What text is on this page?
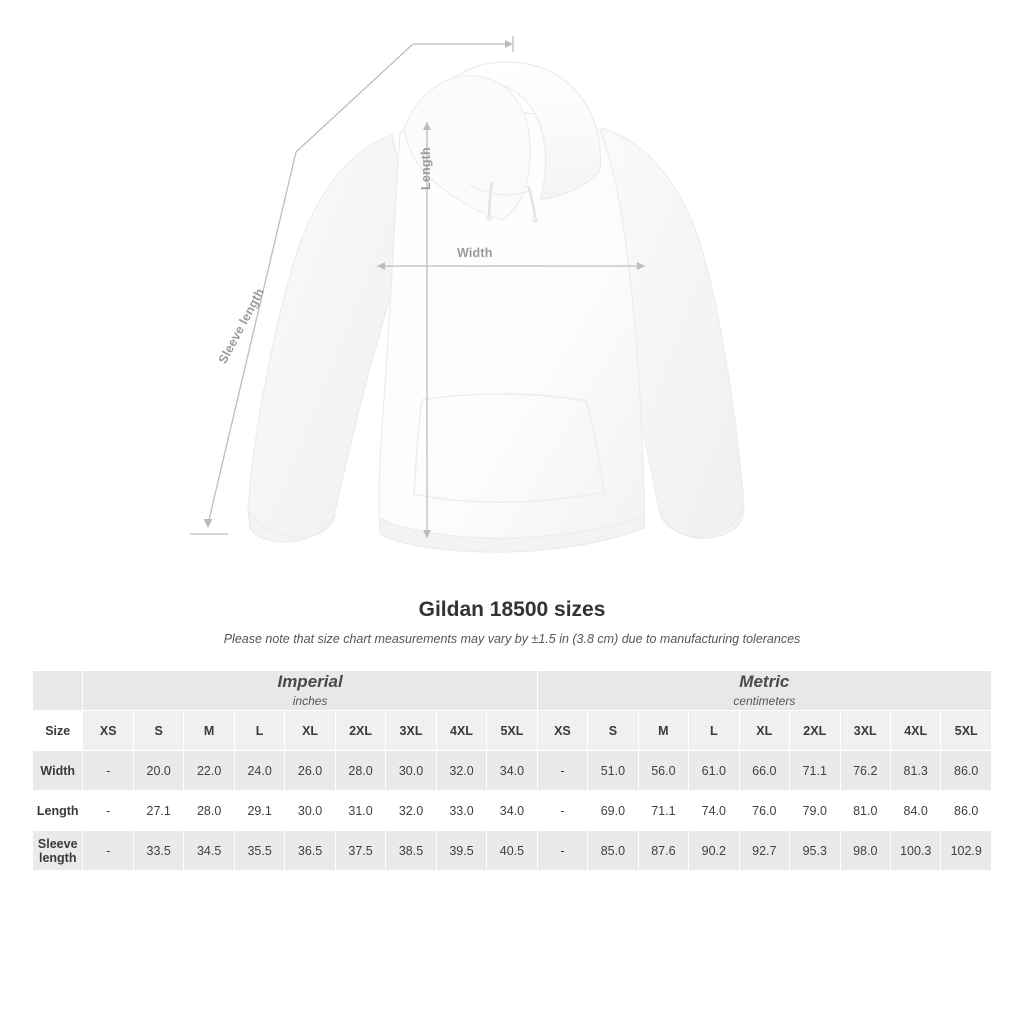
Width
Length
Sleeve length
Gildan 18500 sizes
Please note that size chart measurements may vary by ±1.5 in (3.8 cm) due to manufacturing tolerances

	Imperial
inches									Metric
centimeters								

Size	XS	S	M	L	XL	2XL	3XL	4XL	5XL	XS	S	M	L	XL	2XL	3XL	4XL	5XL
Width	-	20.0	22.0	24.0	26.0	28.0	30.0	32.0	34.0	-	51.0	56.0	61.0	66.0	71.1	76.2	81.3	86.0
Length	-	27.1	28.0	29.1	30.0	31.0	32.0	33.0	34.0	-	69.0	71.1	74.0	76.0	79.0	81.0	84.0	86.0
Sleeve length	-	33.5	34.5	35.5	36.5	37.5	38.5	39.5	40.5	-	85.0	87.6	90.2	92.7	95.3	98.0	100.3	102.9
